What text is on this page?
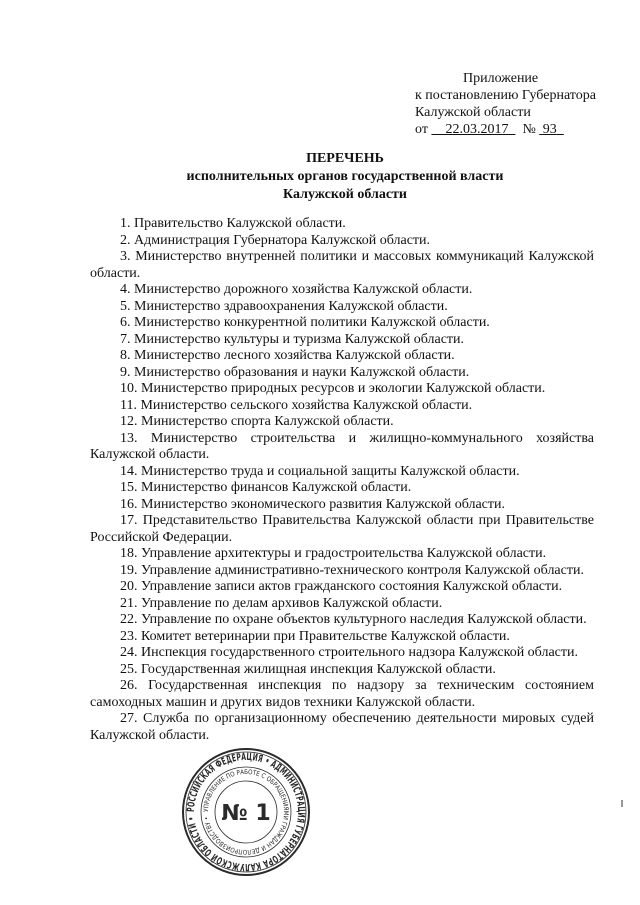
Приложение
к постановлению Губернатора
Калужской области
от 22.03.2017 № 93
ПЕРЕЧЕНЬ
исполнительных органов государственной власти
Калужской области

1. Правительство Калужской области.

2. Администрация Губернатора Калужской области.

3. Министерство внутренней политики и массовых коммуникаций Калужской области.

4. Министерство дорожного хозяйства Калужской области.

5. Министерство здравоохранения Калужской области.

6. Министерство конкурентной политики Калужской области.

7. Министерство культуры и туризма Калужской области.

8. Министерство лесного хозяйства Калужской области.

9. Министерство образования и науки Калужской области.

10. Министерство природных ресурсов и экологии Калужской области.

11. Министерство сельского хозяйства Калужской области.

12. Министерство спорта Калужской области.

13. Министерство строительства и жилищно-коммунального хозяйства Калужской области.

14. Министерство труда и социальной защиты Калужской области.

15. Министерство финансов Калужской области.

16. Министерство экономического развития Калужской области.

17. Представительство Правительства Калужской области при Правительстве Российской Федерации.

18. Управление архитектуры и градостроительства Калужской области.

19. Управление административно-технического контроля Калужской области.

20. Управление записи актов гражданского состояния Калужской области.

21. Управление по делам архивов Калужской области.

22. Управление по охране объектов культурного наследия Калужской области.

23. Комитет ветеринарии при Правительстве Калужской области.

24. Инспекция государственного строительного надзора Калужской области.

25. Государственная жилищная инспекция Калужской области.

26. Государственная инспекция по надзору за техническим состоянием самоходных машин и других видов техники Калужской области.

27. Служба по организационному обеспечению деятельности мировых судей Калужской области.

РОССИЙСКАЯ ФЕДЕРАЦИЯ • АДМИНИСТРАЦИЯ ГУБЕРНАТОРА КАЛУЖСКОЙ ОБЛАСТИ •
УПРАВЛЕНИЕ ПО РАБОТЕ С ОБРАЩЕНИЯМИ ГРАЖДАН И ДЕЛОПРОИЗВОДСТВУ • № 1
